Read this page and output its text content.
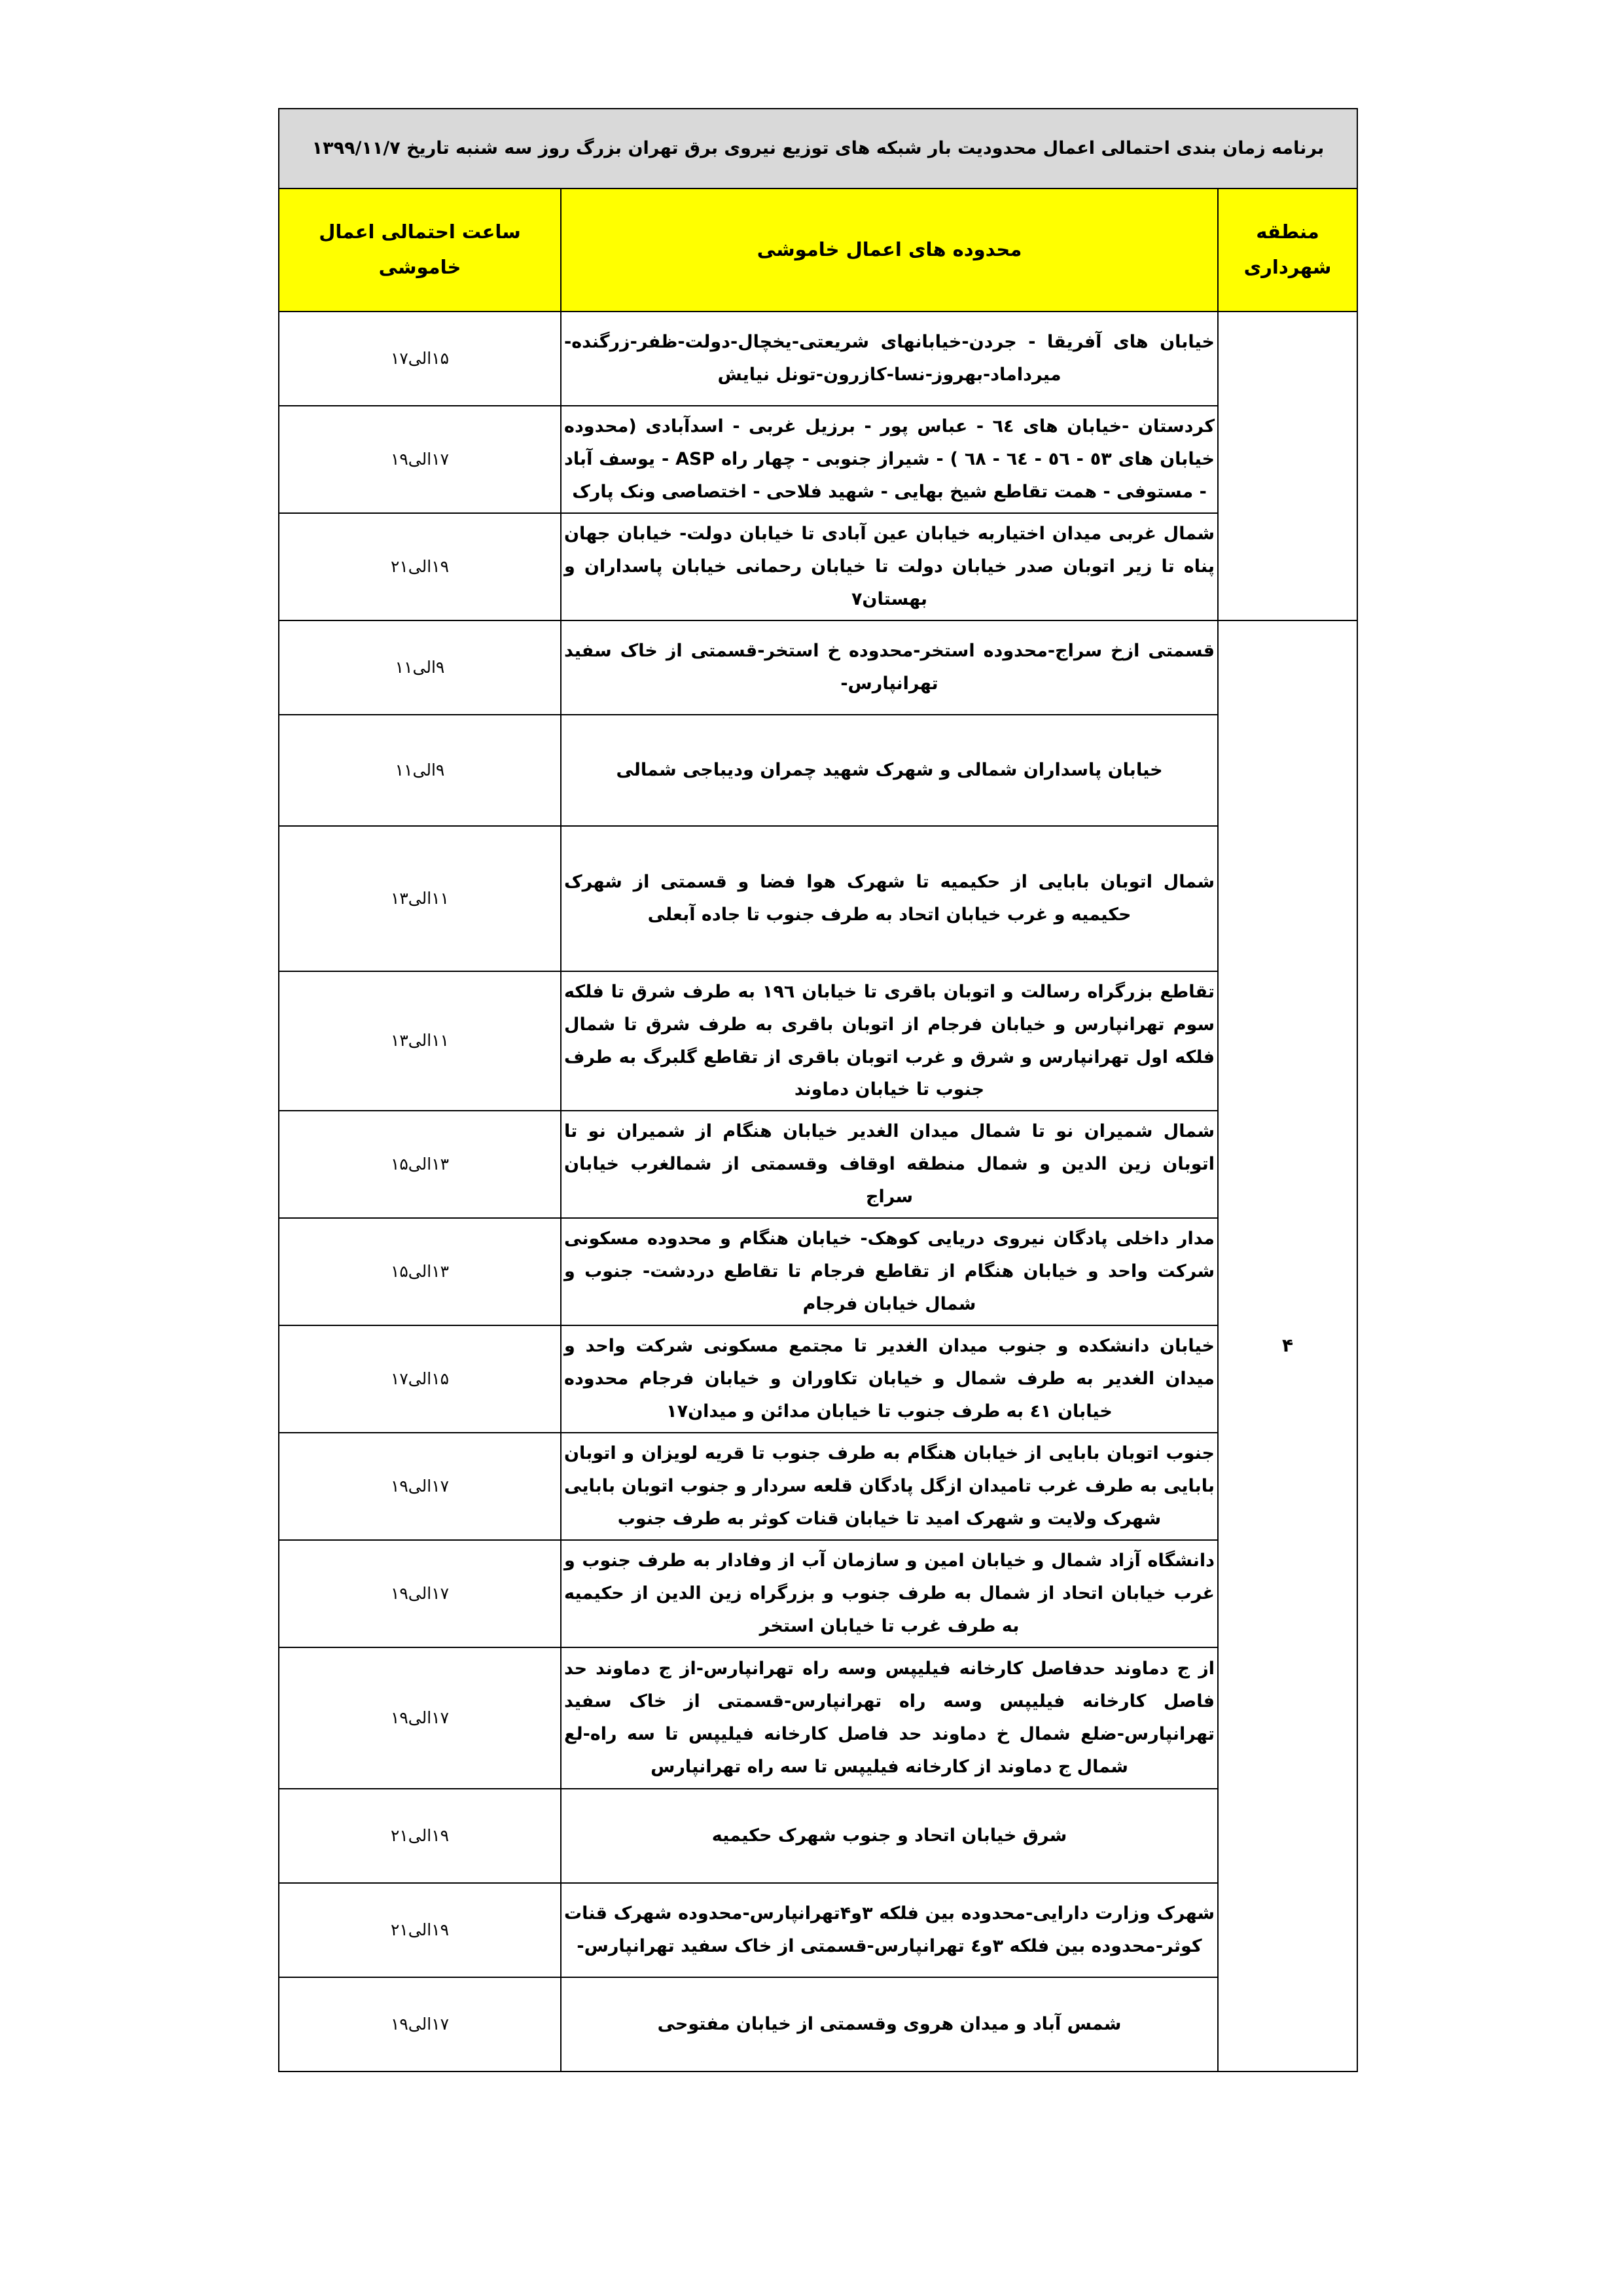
برنامه زمان بندی احتمالی اعمال محدودیت بار شبکه های توزیع نیروی برق تهران بزرگ روز سه شنبه تاریخ ۱۳۹۹/۱۱/۷		
منطقه شهرداری	محدوده های اعمال خاموشی	ساعت احتمالی اعمال خاموشی
	خیابان های آفریقا - جردن-خیابانهای شریعتی-یخچال-دولت-ظفر-زرگنده-میرداماد-بهروز-نسا-کازرون-تونل نیایش	۱۵الی۱۷
	کردستان -خیابان های ٦٤ - عباس پور - برزیل غربی - اسدآبادی (محدوده خیابان های ٥٣ - ٥٦ - ٦٤ - ٦٨ ) - شیراز جنوبی - چهار راه ASP - یوسف آباد - مستوفی - همت تقاطع شیخ بهایی - شهید فلاحی - اختصاصی ونک پارک	۱۷الی۱۹
	شمال غربی میدان اختیاربه خیابان عین آبادی تا خیابان دولت- خیابان جهان پناه تا زیر اتوبان صدر خیابان دولت تا خیابان رحمانی خیابان پاسداران و بهستان۷	۱۹الی۲۱
۴	قسمتی ازخ سراج-محدوده استخر-محدوده خ استخر-قسمتی از خاک سفید تهرانپارس-	۹الی۱۱
	خیابان پاسداران شمالی و شهرک شهید چمران ودیباجی شمالی	۹الی۱۱
	شمال اتوبان بابایی از حکیمیه تا شهرک هوا فضا و قسمتی از شهرک حکیمیه و غرب خیابان اتحاد به طرف جنوب تا جاده آبعلی	۱۱الی۱۳
	تقاطع بزرگراه رسالت و اتوبان باقری تا خیابان ۱۹٦ به طرف شرق تا فلکه سوم تهرانپارس و خیابان فرجام از اتوبان باقری به طرف شرق تا شمال فلکه اول تهرانپارس و شرق و غرب اتوبان باقری از تقاطع گلبرگ به طرف جنوب تا خیابان دماوند	۱۱الی۱۳
	شمال شمیران نو تا شمال میدان الغدیر خیابان هنگام از شمیران نو تا اتوبان زین الدین و شمال منطقه اوقاف وقسمتی از شمالغرب خیابان سراج	۱۳الی۱۵
	مدار داخلی پادگان نیروی دریایی کوهک- خیابان هنگام و محدوده مسکونی شرکت واحد و خیابان هنگام از تقاطع فرجام تا تقاطع دردشت- جنوب و شمال خیابان فرجام	۱۳الی۱۵
	خیابان دانشکده و جنوب میدان الغدیر تا مجتمع مسکونی شرکت واحد و میدان الغدیر به طرف شمال و خیابان تکاوران و خیابان فرجام محدوده خیابان ٤١ به طرف جنوب تا خیابان مدائن و میدان۱۷	۱۵الی۱۷
	جنوب اتوبان بابایی از خیابان هنگام به طرف جنوب تا قریه لویزان و اتوبان بابایی به طرف غرب تامیدان ازگل پادگان قلعه سردار و جنوب اتوبان بابایی شهرک ولایت و شهرک امید تا خیابان قنات کوثر به طرف جنوب	۱۷الی۱۹
	دانشگاه آزاد شمال و خیابان امین و سازمان آب از وفادار به طرف جنوب و غرب خیابان اتحاد از شمال به طرف جنوب و بزرگراه زین الدین از حکیمیه به طرف غرب تا خیابان استخر	۱۷الی۱۹
	از ج دماوند حدفاصل کارخانه فیلیپس وسه راه تهرانپارس-از ج دماوند حد فاصل کارخانه فیلیپس وسه راه تهرانپارس-قسمتی از خاک سفید تهرانپارس-ضلع شمال خ دماوند حد فاصل کارخانه فیلیپس تا سه راه-لع شمال ج دماوند از کارخانه فیلیپس تا سه راه تهرانپارس	۱۷الی۱۹
	شرق خیابان اتحاد و جنوب شهرک حکیمیه	۱۹الی۲۱
	شهرک وزارت دارایی-محدوده بین فلکه ۳و۴تهرانپارس-محدوده شهرک قنات کوثر-محدوده بین فلکه ۳و٤ تهرانپارس-قسمتی از خاک سفید تهرانپارس-	۱۹الی۲۱
	شمس آباد و میدان هروی وقسمتی از خیابان مفتوحی	۱۷الی۱۹
